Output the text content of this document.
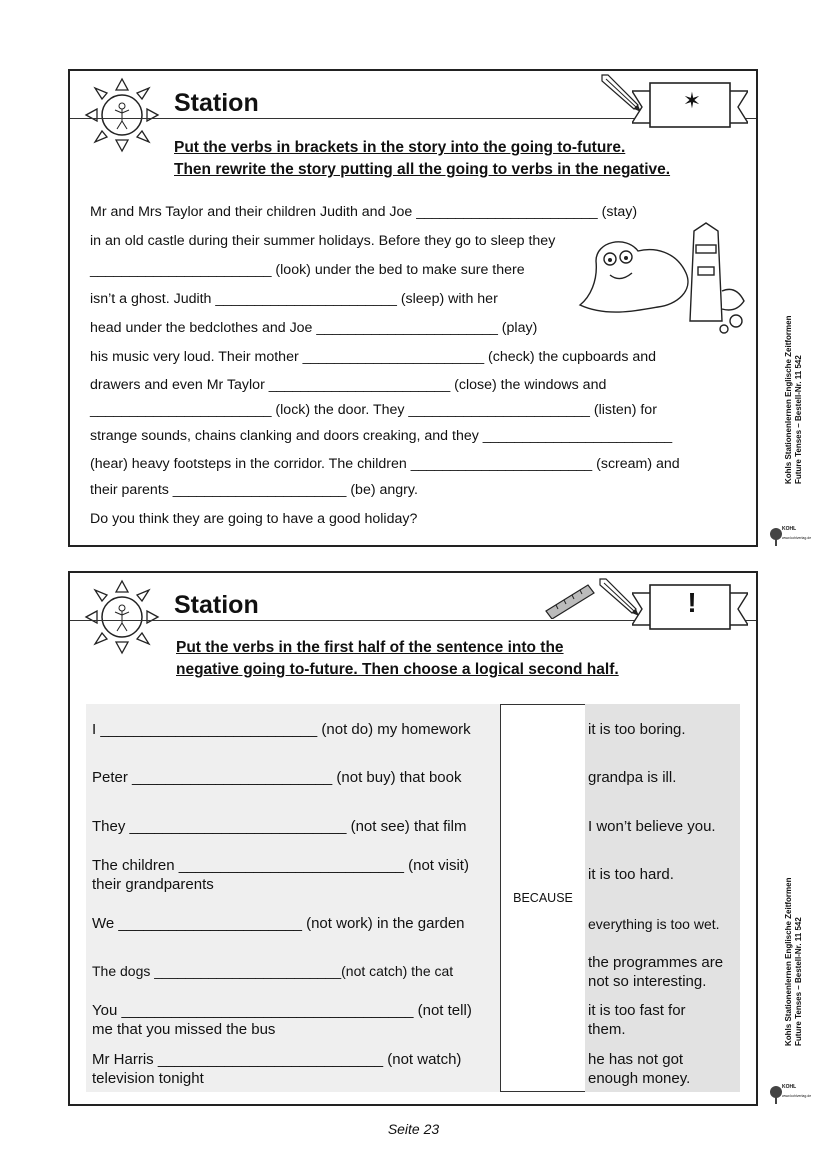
Station	✶
Put the verbs in brackets in the story into the going to-future.
Then rewrite the story putting all the going to verbs in the negative.
Mr and Mrs Taylor and their children Judith and Joe _______________________ (stay)
in an old castle during their summer holidays. Before they go to sleep they
_______________________ (look) under the bed to make sure there
isn’t a ghost. Judith _______________________ (sleep) with her
head under the bedclothes and Joe _______________________ (play)
his music very loud. Their mother _______________________ (check) the cupboards and
drawers and even Mr Taylor _______________________ (close) the windows and
_______________________ (lock) the door. They _______________________ (listen) for
strange sounds, chains clanking and doors creaking, and they ________________________
(hear) heavy footsteps in the corridor. The children _______________________ (scream) and
their parents ______________________ (be) angry.
Do you think they are going to have a good holiday?
Station	!
Put the verbs in the first half of the sentence into the
negative going to-future. Then choose a logical second half.
I __________________________ (not do) my homework
Peter ________________________ (not buy) that book
They __________________________ (not see) that film
The children ___________________________ (not visit)
their grandparents
We ______________________ (not work) in the garden
The dogs ________________________(not catch) the cat
You ___________________________________ (not tell)
me that you missed the bus
Mr Harris ___________________________ (not watch)
television tonight
BECAUSE
it is too boring.
grandpa is ill.
I won’t believe you.
it is too hard.
everything is too wet.
the programmes are
not so interesting.
it is too fast for
them.
he has not got
enough money.
Kohls Stationenlernen Englische Zeitformen Future Tenses – Bestell-Nr. 11 542
Kohls Stationenlernen Englische Zeitformen Future Tenses – Bestell-Nr. 11 542
KOHL
www.kohlverlag.de
KOHL
www.kohlverlag.de
Seite 23
